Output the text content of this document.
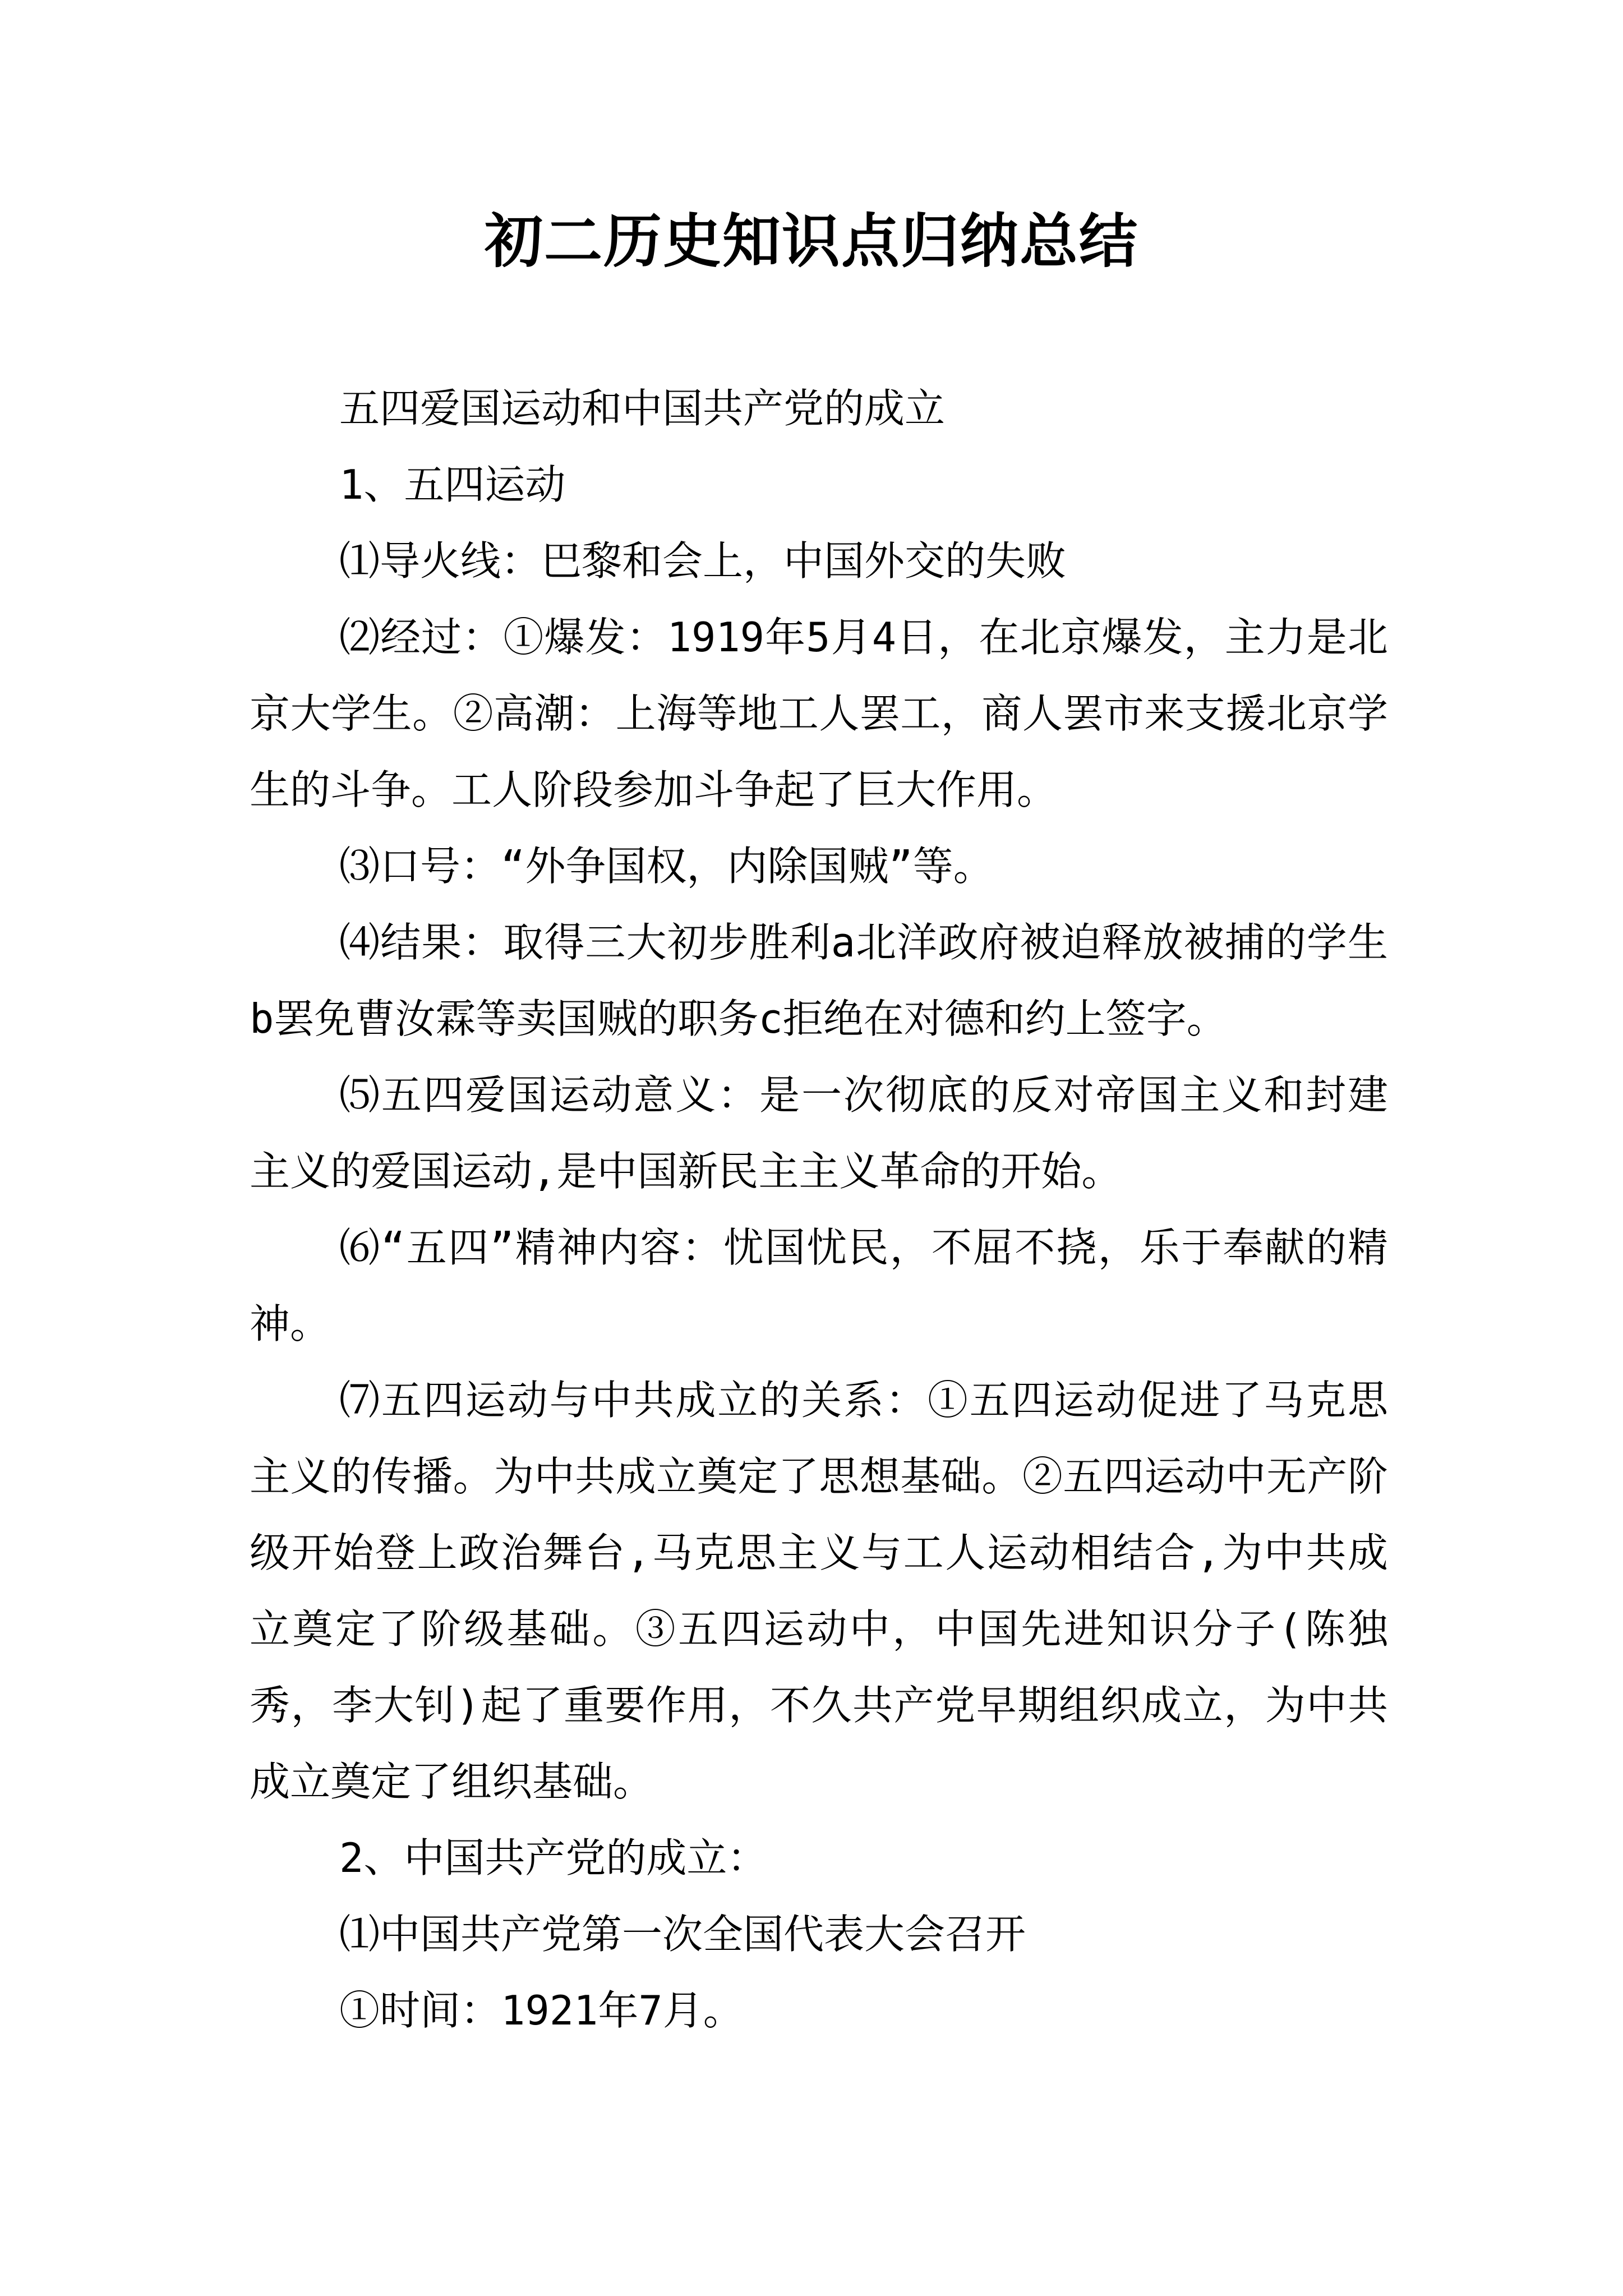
初二历史知识点归纳总结

五四爱国运动和中国共产党的成立

1、五四运动

⑴导火线：巴黎和会上，中国外交的失败

⑵经过：①爆发：1919年5月4日，在北京爆发，主力是北京大学生。②高潮：上海等地工人罢工，商人罢市来支援北京学生的斗争。工人阶段参加斗争起了巨大作用。

⑶口号：“外争国权，内除国贼”等。

⑷结果：取得三大初步胜利a北洋政府被迫释放被捕的学生b罢免曹汝霖等卖国贼的职务c拒绝在对德和约上签字。

⑸五四爱国运动意义：是一次彻底的反对帝国主义和封建主义的爱国运动,是中国新民主主义革命的开始。

⑹“五四”精神内容：忧国忧民，不屈不挠，乐于奉献的精神。

⑺五四运动与中共成立的关系：①五四运动促进了马克思主义的传播。为中共成立奠定了思想基础。②五四运动中无产阶级开始登上政治舞台,马克思主义与工人运动相结合,为中共成立奠定了阶级基础。③五四运动中，中国先进知识分子(陈独秀，李大钊)起了重要作用，不久共产党早期组织成立，为中共成立奠定了组织基础。

2、中国共产党的成立：

⑴中国共产党第一次全国代表大会召开

①时间：1921年7月。
